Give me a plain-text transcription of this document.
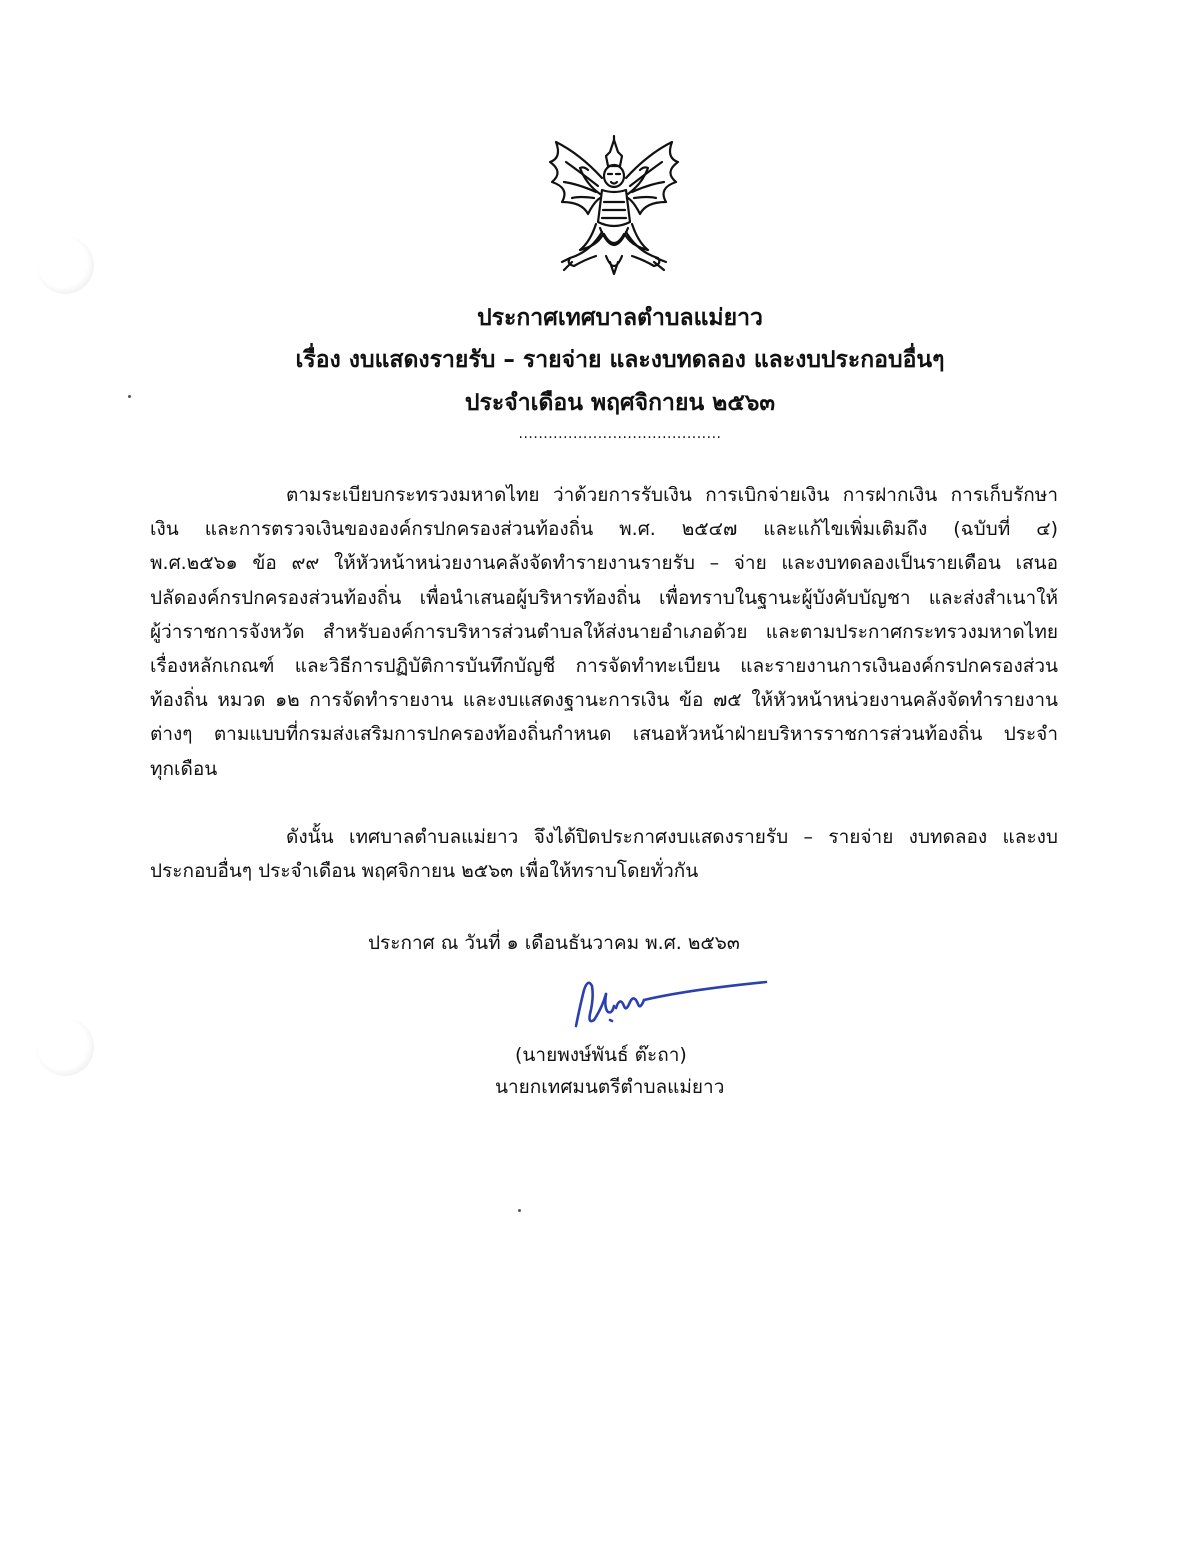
ประกาศเทศบาลตำบลแม่ยาว
เรื่อง งบแสดงรายรับ – รายจ่าย และงบทดลอง และงบประกอบอื่นๆ
ประจำเดือน พฤศจิกายน ๒๕๖๓
.........................................
ตามระเบียบกระทรวงมหาดไทย ว่าด้วยการรับเงิน การเบิกจ่ายเงิน การฝากเงิน การเก็บรักษา
เงิน และการตรวจเงินขององค์กรปกครองส่วนท้องถิ่น พ.ศ. ๒๕๔๗ และแก้ไขเพิ่มเติมถึง (ฉบับที่ ๔)
พ.ศ.๒๕๖๑ ข้อ ๙๙ ให้หัวหน้าหน่วยงานคลังจัดทำรายงานรายรับ – จ่าย และงบทดลองเป็นรายเดือน เสนอ
ปลัดองค์กรปกครองส่วนท้องถิ่น เพื่อนำเสนอผู้บริหารท้องถิ่น เพื่อทราบในฐานะผู้บังคับบัญชา และส่งสำเนาให้
ผู้ว่าราชการจังหวัด สำหรับองค์การบริหารส่วนตำบลให้ส่งนายอำเภอด้วย และตามประกาศกระทรวงมหาดไทย
เรื่องหลักเกณฑ์ และวิธีการปฏิบัติการบันทึกบัญชี การจัดทำทะเบียน และรายงานการเงินองค์กรปกครองส่วน
ท้องถิ่น หมวด ๑๒ การจัดทำรายงาน และงบแสดงฐานะการเงิน ข้อ ๗๕ ให้หัวหน้าหน่วยงานคลังจัดทำรายงาน
ต่างๆ ตามแบบที่กรมส่งเสริมการปกครองท้องถิ่นกำหนด เสนอหัวหน้าฝ่ายบริหารราชการส่วนท้องถิ่น ประจำ
ทุกเดือน
ดังนั้น เทศบาลตำบลแม่ยาว จึงได้ปิดประกาศงบแสดงรายรับ – รายจ่าย งบทดลอง และงบ
ประกอบอื่นๆ ประจำเดือน พฤศจิกายน ๒๕๖๓ เพื่อให้ทราบโดยทั่วกัน
ประกาศ ณ วันที่ ๑ เดือนธันวาคม พ.ศ. ๒๕๖๓
(นายพงษ์พันธ์ ต๊ะถา)
นายกเทศมนตรีตำบลแม่ยาว
